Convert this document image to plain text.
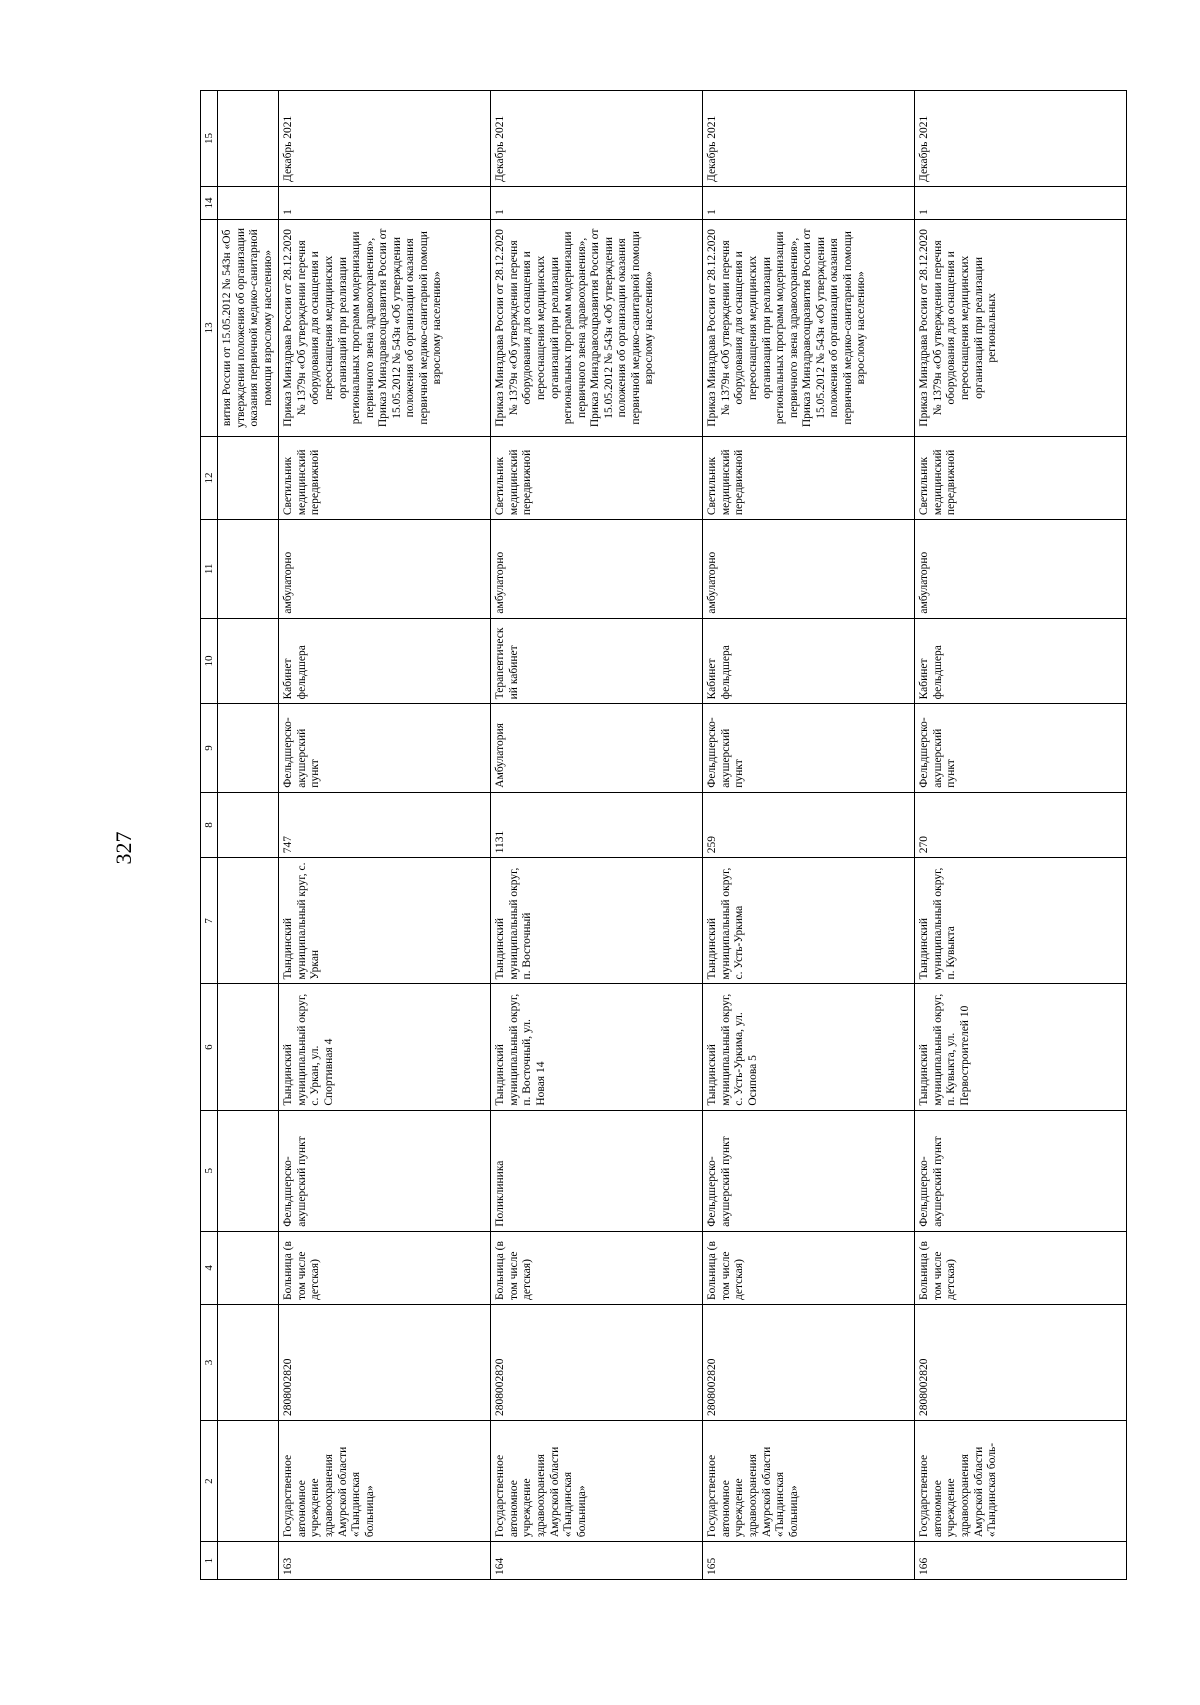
327
1	2	3	4	5	6	7	8	9	10	11	12	13	14	15
												вития России от 15.05.2012 № 543н «Об утверждении положения об организации оказания первичной медико-санитарной помощи взрослому населению»		
163	Государственное автономное учреждение здравоохранения Амурской области «Тындинская больница»	2808002820	Больница (в том числе детская)	Фельдшерско-акушерский пункт	Тындинский муниципальный округ, с. Уркан, ул. Спортивная 4	Тындинский муниципальный круг, с. Уркан	747	Фельдшерско-акушерский пункт	Кабинет фельдшера	амбулаторно	Светильник медицинский передвижной	Приказ Минздрава России от 28.12.2020 № 1379н «Об утверждении перечня оборудования для оснащения и переоснащения медицинских организаций при реализации региональных программ модернизации первичного звена здравоохранения», Приказ Минздравсоцразвития России от 15.05.2012 № 543н «Об утверждении положения об организации оказания первичной медико-санитарной помощи взрослому населению»	1	Декабрь 2021
164	Государственное автономное учреждение здравоохранения Амурской области «Тындинская больница»	2808002820	Больница (в том числе детская)	Поликлиника	Тындинский муниципальный округ, п. Восточный, ул. Новая 14	Тындинский муниципальный округ, п. Восточный	1131	Амбулатория	Терапевтический кабинет	амбулаторно	Светильник медицинский передвижной	Приказ Минздрава России от 28.12.2020 № 1379н «Об утверждении перечня оборудования для оснащения и переоснащения медицинских организаций при реализации региональных программ модернизации первичного звена здравоохранения», Приказ Минздравсоцразвития России от 15.05.2012 № 543н «Об утверждении положения об организации оказания первичной медико-санитарной помощи взрослому населению»	1	Декабрь 2021
165	Государственное автономное учреждение здравоохранения Амурской области «Тындинская больница»	2808002820	Больница (в том числе детская)	Фельдшерско-акушерский пункт	Тындинский муниципальный округ, с. Усть-Уркима, ул. Осипова 5	Тындинский муниципальный округ, с. Усть-Уркима	259	Фельдшерско-акушерский пункт	Кабинет фельдшера	амбулаторно	Светильник медицинский передвижной	Приказ Минздрава России от 28.12.2020 № 1379н «Об утверждении перечня оборудования для оснащения и переоснащения медицинских организаций при реализации региональных программ модернизации первичного звена здравоохранения», Приказ Минздравсоцразвития России от 15.05.2012 № 543н «Об утверждении положения об организации оказания первичной медико-санитарной помощи взрослому населению»	1	Декабрь 2021
166	Государственное автономное учреждение здравоохранения Амурской области «Тындинская боль-	2808002820	Больница (в том числе детская)	Фельдшерско-акушерский пункт	Тындинский муниципальный округ, п. Кувыкта, ул. Первостроителей 10	Тындинский муниципальный округ, п. Кувыкта	270	Фельдшерско-акушерский пункт	Кабинет фельдшера	амбулаторно	Светильник медицинский передвижной	Приказ Минздрава России от 28.12.2020 № 1379н «Об утверждении перечня оборудования для оснащения и переоснащения медицинских организаций при реализации региональных	1	Декабрь 2021
